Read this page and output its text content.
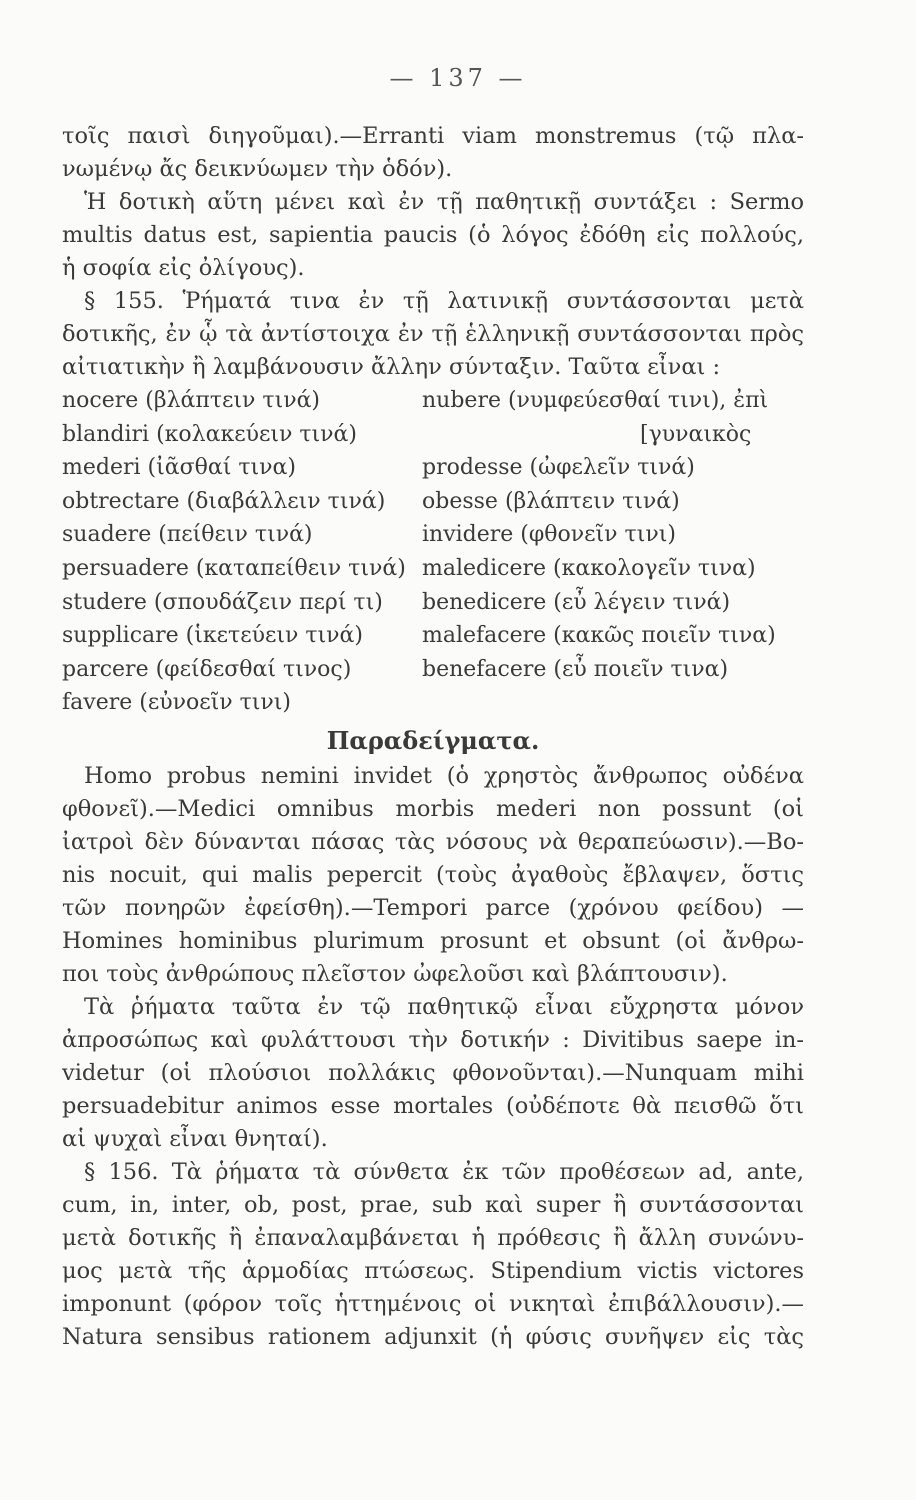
— 137 —
τοῖς παισὶ διηγοῦμαι).—Erranti viam monstremus (τῷ πλα-
νωμένῳ ἄς δεικνύωμεν τὴν ὁδόν).
Ἡ δοτικὴ αὕτη μένει καὶ ἐν τῇ παθητικῇ συντάξει : Sermo
multis datus est, sapientia paucis (ὁ λόγος ἐδόθη εἰς πολλούς,
ἡ σοφία εἰς ὀλίγους).
§ 155. Ῥήματά τινα ἐν τῇ λατινικῇ συντάσσονται μετὰ
δοτικῆς, ἐν ᾧ τὰ ἀντίστοιχα ἐν τῇ ἑλληνικῇ συντάσσονται πρὸς
αἰτιατικὴν ἢ λαμβάνουσιν ἄλλην σύνταξιν. Ταῦτα εἶναι :
nocere (βλάπτειν τινά)	nubere (νυμφεύεσθαί τινι), ἐπὶ
blandiri (κολακεύειν τινά)	[γυναικὸς
mederi (ἰᾶσθαί τινα)	prodesse (ὠφελεῖν τινά)
obtrectare (διαβάλλειν τινά) obesse (βλάπτειν τινά)
suadere (πείθειν τινά)	invidere (φθονεῖν τινι)
persuadere (καταπείθειν τινά) maledicere (κακολογεῖν τινα)
studere (σπουδάζειν περί τι) benedicere (εὖ λέγειν τινά)
supplicare (ἱκετεύειν τινά)	malefacere (κακῶς ποιεῖν τινα)
parcere (φείδεσθαί τινος)	benefacere (εὖ ποιεῖν τινα)
favere (εὐνοεῖν τινι)
Παραδείγματα.
Homo probus nemini invidet (ὁ χρηστὸς ἄνθρωπος οὐδένα
φθονεῖ).—Medici omnibus morbis mederi non possunt (οἱ
ἰατροὶ δὲν δύνανται πάσας τὰς νόσους νὰ θεραπεύωσιν).—Bo-
nis nocuit, qui malis pepercit (τοὺς ἀγαθοὺς ἔβλαψεν, ὅστις
τῶν πονηρῶν ἐφείσθη).—Tempori parce (χρόνου φείδου) —
Homines hominibus plurimum prosunt et obsunt (οἱ ἄνθρω-
ποι τοὺς ἀνθρώπους πλεῖστον ὠφελοῦσι καὶ βλάπτουσιν).
Τὰ ῥήματα ταῦτα ἐν τῷ παθητικῷ εἶναι εὔχρηστα μόνον
ἀπροσώπως καὶ φυλάττουσι τὴν δοτικήν : Divitibus saepe in-
videtur (οἱ πλούσιοι πολλάκις φθονοῦνται).—Nunquam mihi
persuadebitur animos esse mortales (οὐδέποτε θὰ πεισθῶ ὅτι
αἱ ψυχαὶ εἶναι θνηταί).
§ 156. Τὰ ῥήματα τὰ σύνθετα ἐκ τῶν προθέσεων ad, ante,
cum, in, inter, ob, post, prae, sub καὶ super ἢ συντάσσονται
μετὰ δοτικῆς ἢ ἐπαναλαμβάνεται ἡ πρόθεσις ἢ ἄλλη συνώνυ-
μος μετὰ τῆς ἁρμοδίας πτώσεως. Stipendium victis victores
imponunt (φόρον τοῖς ἡττημένοις οἱ νικηταὶ ἐπιβάλλουσιν).—
Natura sensibus rationem adjunxit (ἡ φύσις συνῆψεν εἰς τὰς
